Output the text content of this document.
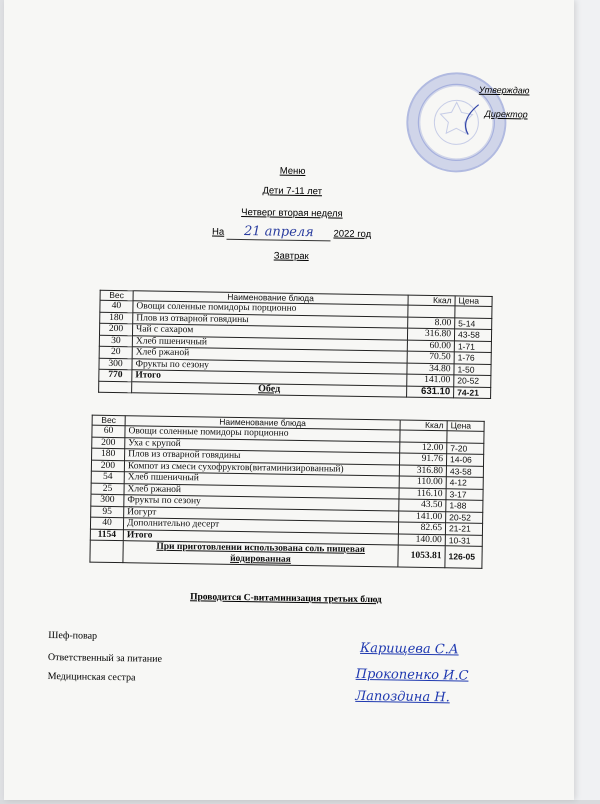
Утверждаю
Директор
Меню
Дети 7-11 лет
Четверг вторая неделя
На 21 апреля 2022 год
Завтрак
Вес	Наименование блюда	Ккал	Цена
40	Овощи соленные помидоры порционно		
180	Плов из отварной говядины	8.00	5-14
200	Чай с сахаром	316.80	43-58
30	Хлеб пшеничный	60.00	1-71
20	Хлеб ржаной	70.50	1-76
300	Фрукты по сезону	34.80	1-50
770	Итого	141.00	20-52
	Обед	631.10	74-21
Вес	Наименование блюда	Ккал	Цена
60	Овощи соленные помидоры порционно		
200	Уха с крупой	12.00	7-20
180	Плов из отварной говядины	91.76	14-06
200	Компот из смеси сухофруктов(витаминизированный)	316.80	43-58
54	Хлеб пшеничный	110.00	4-12
25	Хлеб ржаной	116.10	3-17
300	Фрукты по сезону	43.50	1-88
95	Йогурт	141.00	20-52
40	Дополнительно десерт	82.65	21-21
1154	Итого	140.00	10-31
	При приготовлении использована соль пищевая йодированная	1053.81	126-05
Проводится С-витаминизация третьих блюд
Шеф-повар
Ответственный за питание
Медицинская сестра
Карищева С.А
Прокопенко И.С
Лапоздина Н.
